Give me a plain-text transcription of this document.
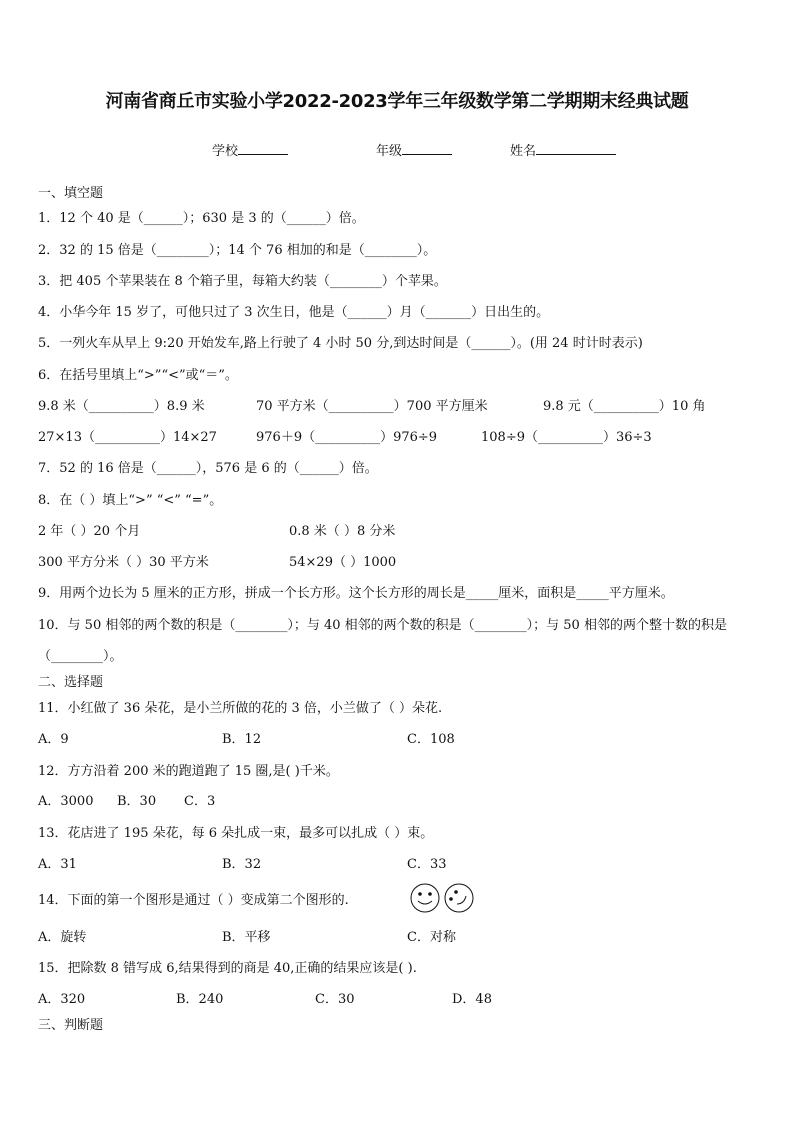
河南省商丘市实验小学2022-2023学年三年级数学第二学期期末经典试题
学校	年级	姓名
一、填空题
1．12 个 40 是（______）；630 是 3 的（______）倍。
2．32 的 15 倍是（________）；14 个 76 相加的和是（________）。
3．把 405 个苹果装在 8 个箱子里，每箱大约装（________）个苹果。
4．小华今年 15 岁了，可他只过了 3 次生日，他是（______）月（_______）日出生的。
5．一列火车从早上 9:20 开始发车,路上行驶了 4 小时 50 分,到达时间是（______）。(用 24 时计时表示)
6．在括号里填上“>”“<”或“＝”。
9.8 米（__________）8.9 米	70 平方米（__________）700 平方厘米	9.8 元（__________）10 角
27×13（__________）14×27	976＋9（__________）976÷9	108÷9（__________）36÷3
7．52 的 16 倍是（______），576 是 6 的（______）倍。
8．在（ ）填上“>” “<” “=”。
2 年（ ）20 个月	0.8 米（ ）8 分米
300 平方分米（ ）30 平方米	54×29（ ）1000
9．用两个边长为 5 厘米的正方形，拼成一个长方形。这个长方形的周长是_____厘米，面积是_____平方厘米。
10．与 50 相邻的两个数的积是（________）；与 40 相邻的两个数的积是（________）；与 50 相邻的两个整十数的积是
（________）。
二、选择题
11．小红做了 36 朵花，是小兰所做的花的 3 倍，小兰做了（ ）朵花.
A．9	B．12	C．108
12．方方沿着 200 米的跑道跑了 15 圈,是( )千米。
A．3000 B．30 C．3
13．花店进了 195 朵花，每 6 朵扎成一束，最多可以扎成（ ）束。
A．31	B．32	C．33
14．下面的第一个图形是通过（ ）变成第二个图形的.
A．旋转	B．平移	C．对称
15．把除数 8 错写成 6,结果得到的商是 40,正确的结果应该是( ).
A．320	B．240	C．30	D．48
三、判断题
